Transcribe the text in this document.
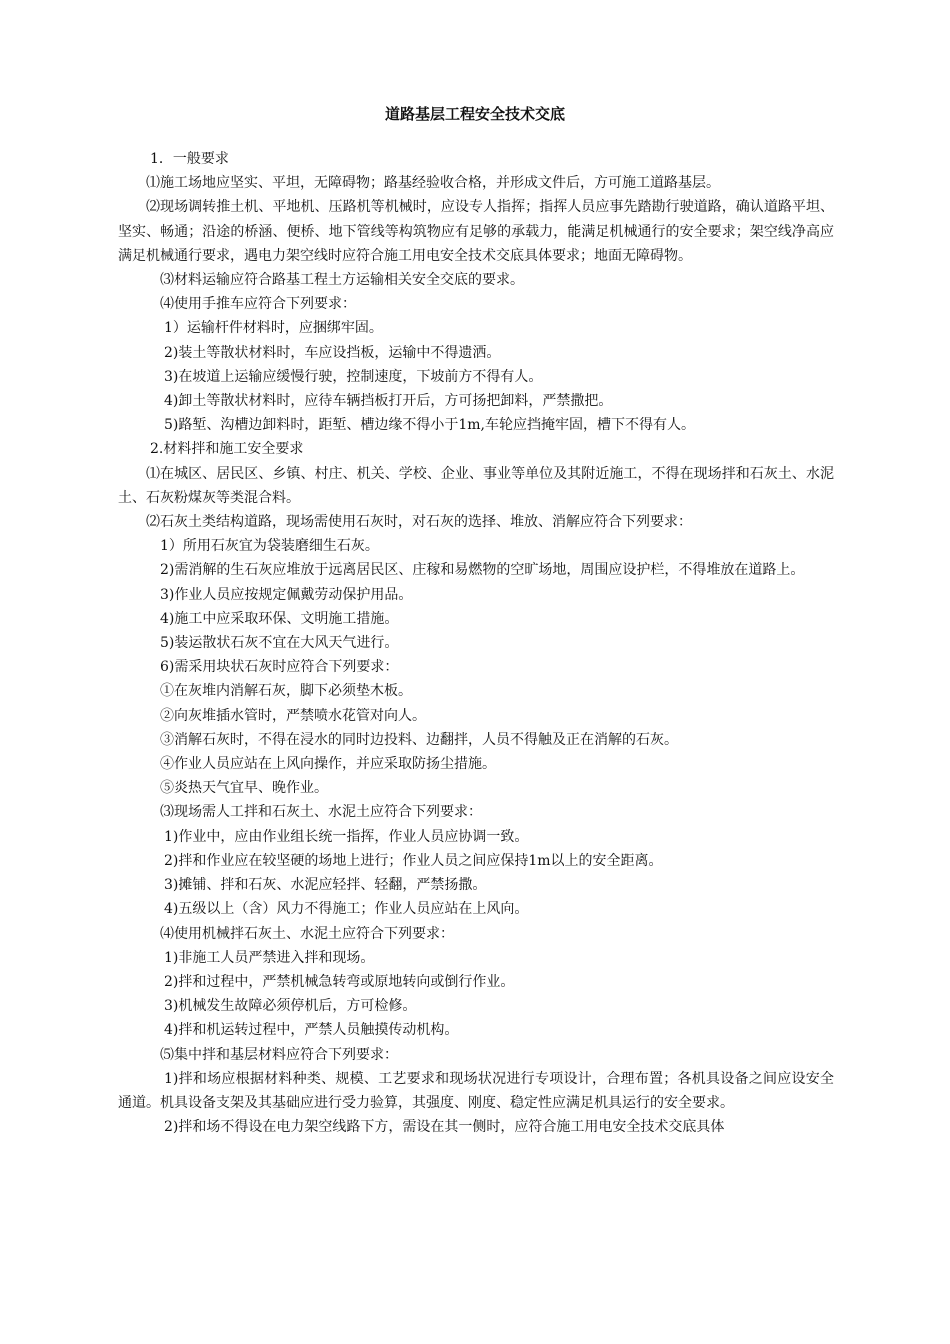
道路基层工程安全技术交底

1．一般要求

⑴施工场地应坚实、平坦，无障碍物；路基经验收合格，并形成文件后，方可施工道路基层。

⑵现场调转推土机、平地机、压路机等机械时，应设专人指挥；指挥人员应事先踏勘行驶道路，确认道路平坦、坚实、畅通；沿途的桥涵、便桥、地下管线等构筑物应有足够的承载力，能满足机械通行的安全要求；架空线净高应满足机械通行要求，遇电力架空线时应符合施工用电安全技术交底具体要求；地面无障碍物。

⑶材料运输应符合路基工程土方运输相关安全交底的要求。

⑷使用手推车应符合下列要求：

1）运输杆件材料时，应捆绑牢固。

2)装土等散状材料时，车应设挡板，运输中不得遗洒。

3)在坡道上运输应缓慢行驶，控制速度，下坡前方不得有人。

4)卸土等散状材料时，应待车辆挡板打开后，方可扬把卸料，严禁撒把。

5)路堑、沟槽边卸料时，距堑、槽边缘不得小于1m,车轮应挡掩牢固，槽下不得有人。

2.材料拌和施工安全要求

⑴在城区、居民区、乡镇、村庄、机关、学校、企业、事业等单位及其附近施工，不得在现场拌和石灰土、水泥土、石灰粉煤灰等类混合料。

⑵石灰土类结构道路，现场需使用石灰时，对石灰的选择、堆放、消解应符合下列要求：

1）所用石灰宜为袋装磨细生石灰。

2)需消解的生石灰应堆放于远离居民区、庄稼和易燃物的空旷场地，周围应设护栏，不得堆放在道路上。

3)作业人员应按规定佩戴劳动保护用品。

4)施工中应采取环保、文明施工措施。

5)装运散状石灰不宜在大风天气进行。

6)需采用块状石灰时应符合下列要求：

①在灰堆内消解石灰，脚下必须垫木板。

②向灰堆插水管时，严禁喷水花管对向人。

③消解石灰时，不得在浸水的同时边投料、边翻拌，人员不得触及正在消解的石灰。

④作业人员应站在上风向操作，并应采取防扬尘措施。

⑤炎热天气宜早、晚作业。

⑶现场需人工拌和石灰土、水泥土应符合下列要求：

1)作业中，应由作业组长统一指挥，作业人员应协调一致。

2)拌和作业应在较坚硬的场地上进行；作业人员之间应保持1m以上的安全距离。

3)摊铺、拌和石灰、水泥应轻拌、轻翻，严禁扬撒。

4)五级以上（含）风力不得施工；作业人员应站在上风向。

⑷使用机械拌石灰土、水泥土应符合下列要求：

1)非施工人员严禁进入拌和现场。

2)拌和过程中，严禁机械急转弯或原地转向或倒行作业。

3)机械发生故障必须停机后，方可检修。

4)拌和机运转过程中，严禁人员触摸传动机构。

⑸集中拌和基层材料应符合下列要求：

1)拌和场应根据材料种类、规模、工艺要求和现场状况进行专项设计，合理布置；各机具设备之间应设安全通道。机具设备支架及其基础应进行受力验算，其强度、刚度、稳定性应满足机具运行的安全要求。

2)拌和场不得设在电力架空线路下方，需设在其一侧时，应符合施工用电安全技术交底具体
